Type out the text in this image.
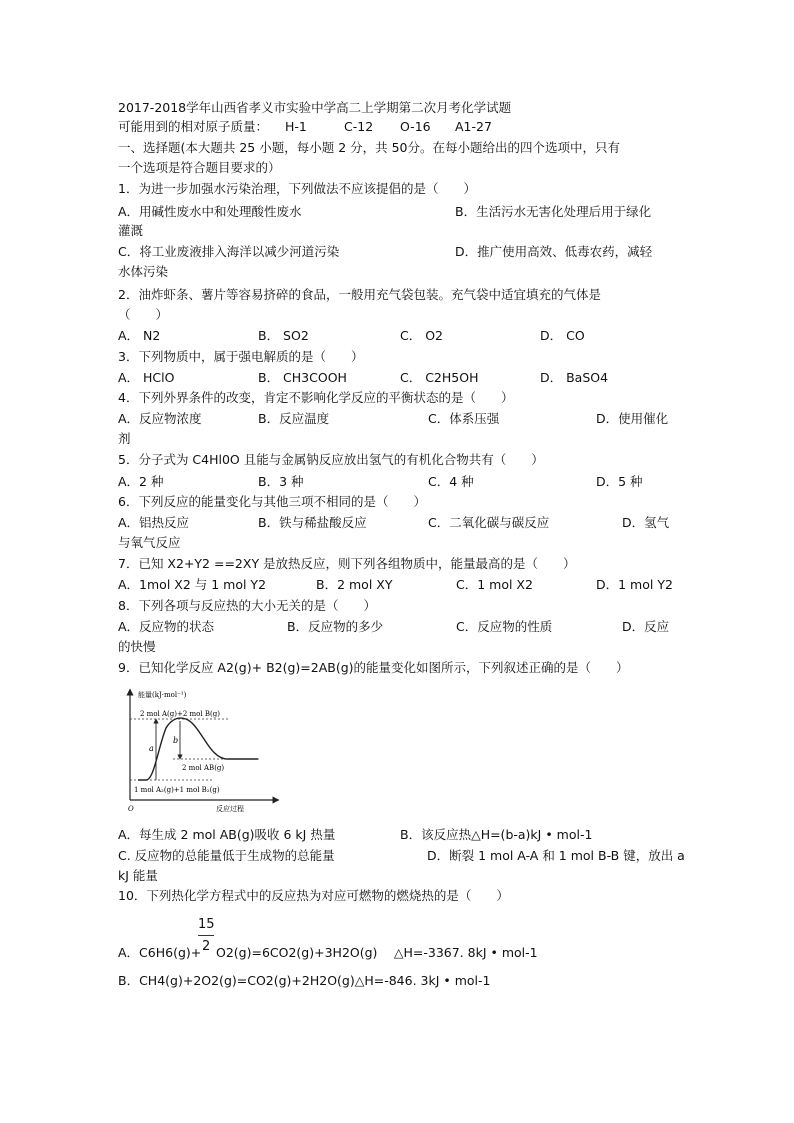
2017-2018学年山西省孝义市实验中学高二上学期第二次月考化学试题
可能用到的相对原子质量： H-1	C-12 O-16 A1-27
一、选择题(本大题共 25 小题，每小题 2 分，共 50分。在每小题给出的四个选项中，只有
一个选项是符合题目要求的）
1．为进一步加强水污染治理，下列做法不应该提倡的是（　　）
A．用碱性废水中和处理酸性废水	B．生活污水无害化处理后用于绿化
灌溉
C．将工业废液排入海洋以减少河道污染	D．推广使用高效、低毒农药，减轻
水体污染
2．油炸虾条、薯片等容易挤碎的食品，一般用充气袋包装。充气袋中适宜填充的气体是
（　　）
A． N2	B． SO2	C． O2	D． CO
3．下列物质中，属于强电解质的是（　　）
A． HClO	B． CH3COOH	C． C2H5OH	D． BaSO4
4．下列外界条件的改变，肯定不影响化学反应的平衡状态的是（　　）
A．反应物浓度	B．反应温度	C．体系压强	D．使用催化
剂
5．分子式为 C4Hl0O 且能与金属钠反应放出氢气的有机化合物共有（　　）
A．2 种	B．3 种	C．4 种	D．5 种
6．下列反应的能量变化与其他三项不相同的是（　　）
A．铝热反应	B．铁与稀盐酸反应	C．二氧化碳与碳反应	D．氢气
与氧气反应
7．已知 X2+Y2 ==2XY 是放热反应，则下列各组物质中，能量最高的是（　　）
A．1mol X2 与 1 mol Y2	B．2 mol XY	C．1 mol X2	D．1 mol Y2
8．下列各项与反应热的大小无关的是（　　）
A．反应物的状态	B．反应物的多少	C．反应物的性质	D．反应
的快慢
9．已知化学反应 A2(g)+ B2(g)=2AB(g)的能量变化如图所示，下列叙述正确的是（　　）
能量(kJ·mol⁻¹)
反应过程
O
a
b
2 mol A(g)+2 mol B(g)
2 mol AB(g)
1 mol A₂(g)+1 mol B₂(g)
A．每生成 2 mol AB(g)吸收 6 kJ 热量	B．该反应热△H=(b-a)kJ • mol-1
C. 反应物的总能量低于生成物的总能量	D．断裂 1 mol A-A 和 1 mol B-B 键，放出 a
kJ 能量
10．下列热化学方程式中的反应热为对应可燃物的燃烧热的是（　　）
15
2
A．C6H6(g)+ O2(g)=6CO2(g)+3H2O(g)　 △H=-3367. 8kJ • mol-1
B．CH4(g)+2O2(g)=CO2(g)+2H2O(g)△H=-846. 3kJ • mol-1
